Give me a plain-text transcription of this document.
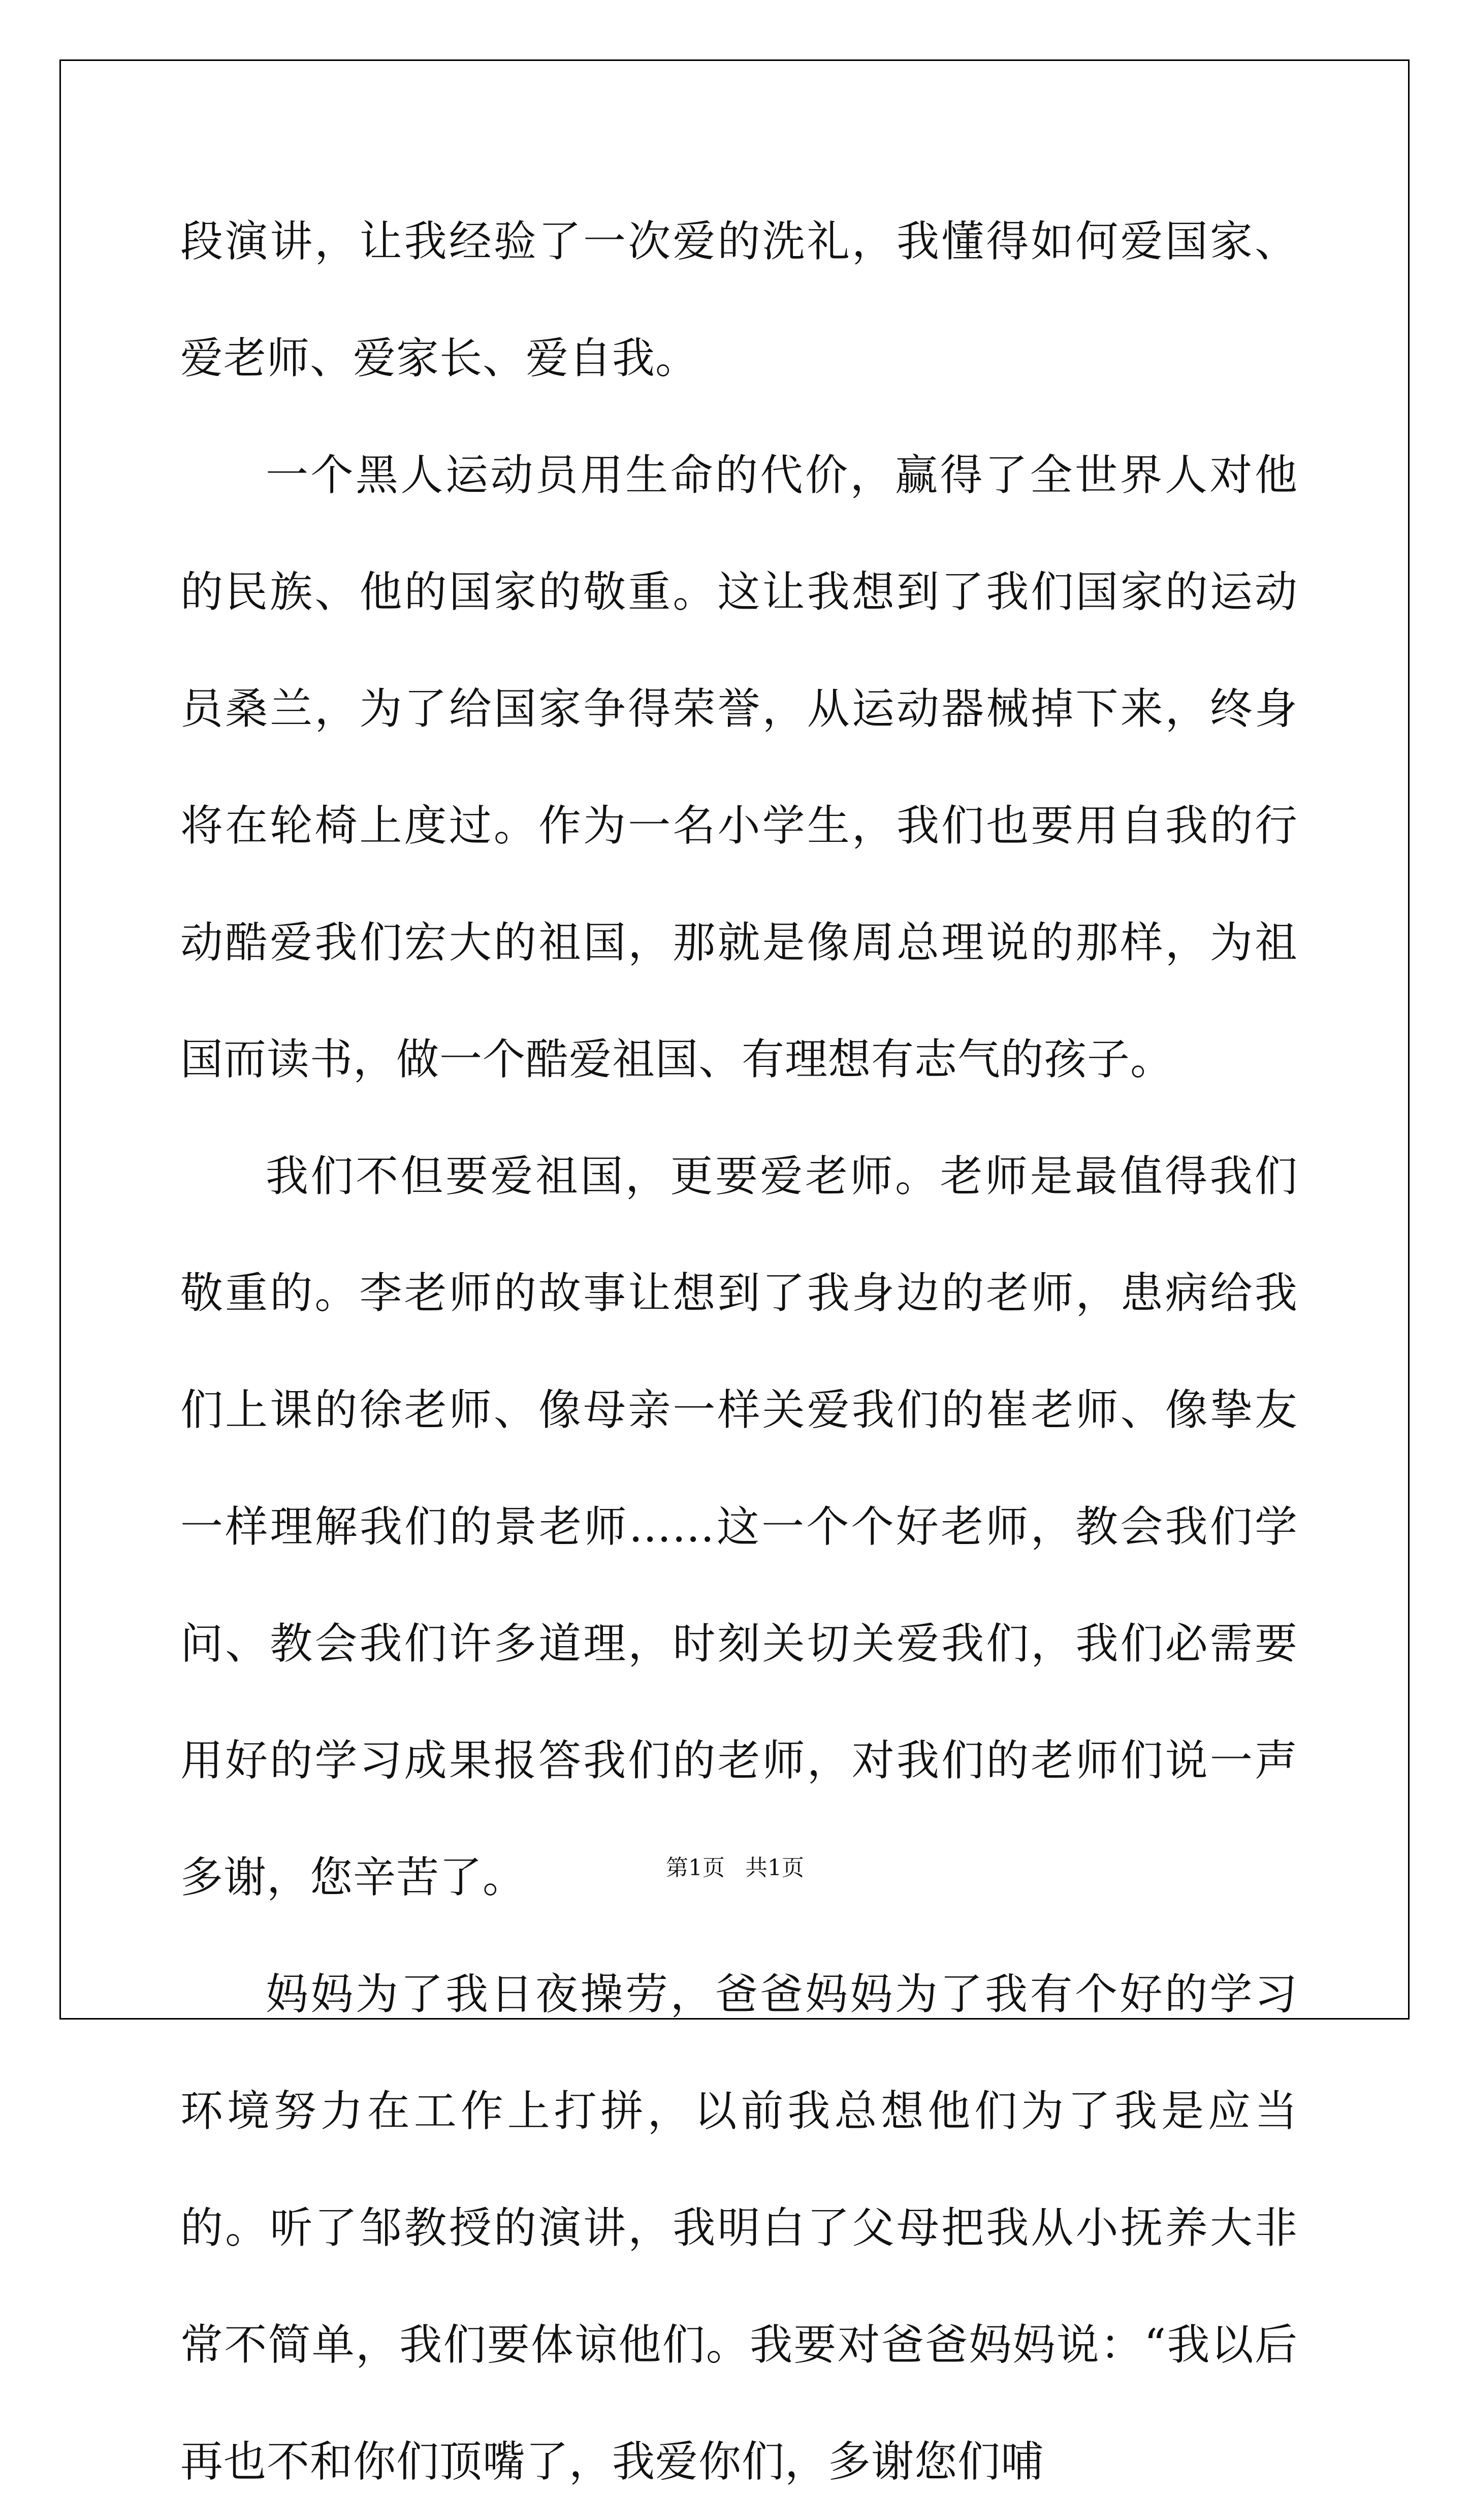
段演讲，让我经验了一次爱的洗礼，我懂得如何爱国家、爱老师、爱家长、爱自我。

一个黑人运动员用生命的代价，赢得了全世界人对他的民族、他的国家的敬重。这让我想到了我们国家的运动员桑兰，为了给国家争得荣誉，从运动器械掉下来，终身将在轮椅上度过。作为一名小学生，我们也要用自我的行动酷爱我们宏大的祖国，那就是像周总理说的那样，为祖国而读书，做一个酷爱祖国、有理想有志气的孩子。

我们不但要爱祖国，更要爱老师。老师是最值得我们敬重的。李老师的故事让想到了我身边的老师，患病给我们上课的徐老师、像母亲一样关爱我们的崔老师、像挚友一样理解我们的景老师……这一个个好老师，教会我们学问、教会我们许多道理，时刻关切关爱我们，我们必需要用好的学习成果报答我们的老师，对我们的老师们说一声多谢，您辛苦了。

妈妈为了我日夜操劳，爸爸妈妈为了我有个好的学习环境努力在工作上打拼，以前我总想他们为了我是应当的。听了邹教授的演讲，我明白了父母把我从小抚养大非常不简单，我们要体谅他们。我要对爸爸妈妈说：“我以后再也不和你们顶嘴了，我爱你们，多谢您们哺

第1页 共1页
